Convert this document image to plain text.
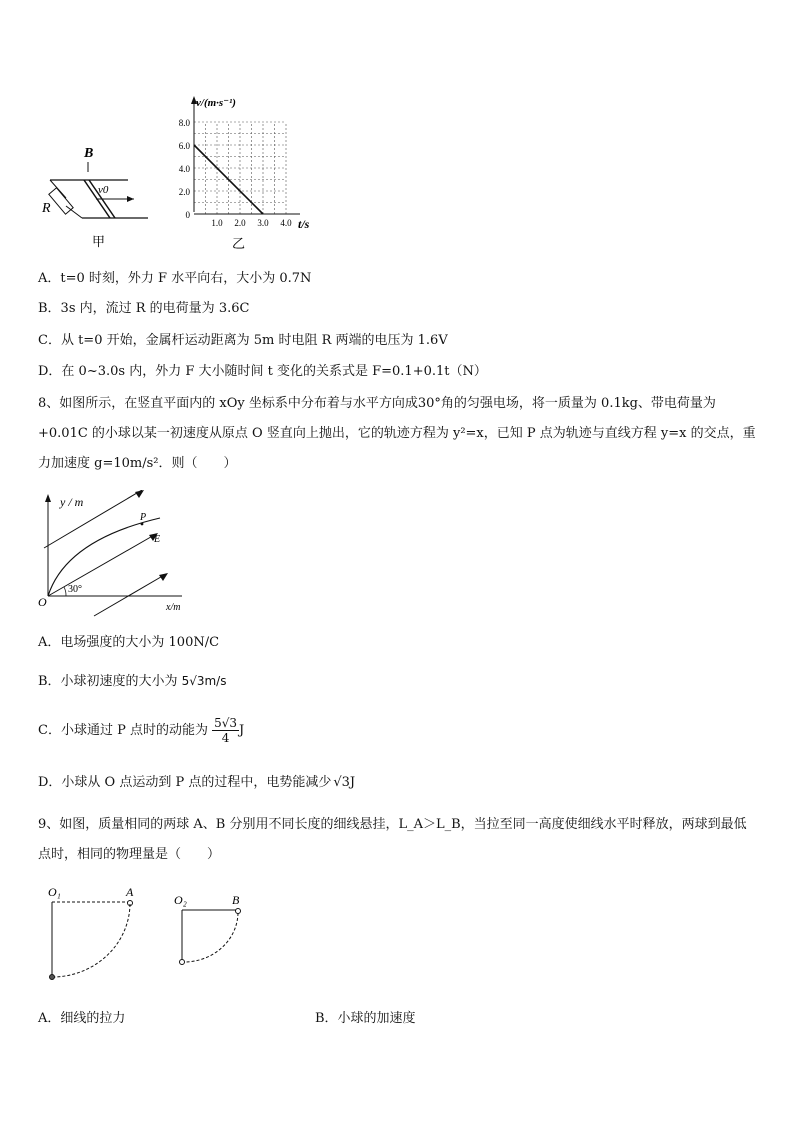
B
v0
R
甲
v/(m·s⁻¹)
t/s
8.0
6.0
4.0
2.0
0
1.0 2.0 3.0 4.0
乙
A．t=0 时刻，外力 F 水平向右，大小为 0.7N
B．3s 内，流过 R 的电荷量为 3.6C
C．从 t=0 开始，金属杆运动距离为 5m 时电阻 R 两端的电压为 1.6V
D．在 0~3.0s 内，外力 F 大小随时间 t 变化的关系式是 F=0.1+0.1t（N）
8、如图所示，在竖直平面内的 xOy 坐标系中分布着与水平方向成30°角的匀强电场，将一质量为 0.1kg、带电荷量为+0.01C 的小球以某一初速度从原点 O 竖直向上抛出，它的轨迹方程为 y²=x，已知 P 点为轨迹与直线方程 y=x 的交点，重力加速度 g=10m/s²．则（　　）
y / m
x/m
O
P
E
30°
A．电场强度的大小为 100N/C
B．小球初速度的大小为 5√3m/s
C．小球通过 P 点时的动能为 $\frac{5√3}{4}$ J
D．小球从 O 点运动到 P 点的过程中，电势能减少 √3J
9、如图，质量相同的两球 A、B 分别用不同长度的细线悬挂，L_A＞L_B，当拉至同一高度使细线水平时释放，两球到最低点时，相同的物理量是（　　）
O₁	A
O₂	B
A．细线的拉力	B．小球的加速度
